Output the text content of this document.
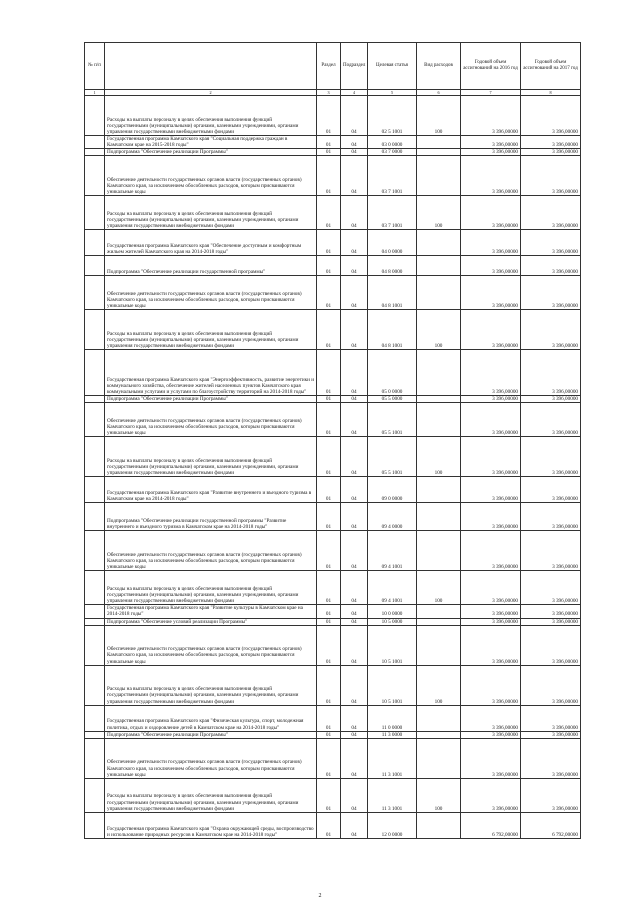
№ п/п		Раздел	Подраздел	Целевая статья	Вид расходов	Годовой объем ассигнований на 2016 год	Годовой объем ассигнований на 2017 год
1	2	3	4	5	6	7	8
	Расходы на выплаты персоналу в целях обеспечения выполнения функций государственными (муниципальными) органами, казенными учреждениями, органами управления государственными внебюджетными фондами	01	04	02 5 1001	100	3 396,00000	3 396,00000
	Государственная программа Камчатского края "Социальная поддержка граждан в Камчатском крае на 2015-2018 годы"	01	04	03 0 0000		3 396,00000	3 396,00000
	Подпрограмма "Обеспечение реализации Программы"	01	04	03 7 0000		3 396,00000	3 396,00000
	Обеспечение деятельности государственных органов власти (государственных органов) Камчатского края, за исключением обособленных расходов, которым присваиваются уникальные коды	01	04	03 7 1001		3 396,00000	3 396,00000
	Расходы на выплаты персоналу в целях обеспечения выполнения функций государственными (муниципальными) органами, казенными учреждениями, органами управления государственными внебюджетными фондами	01	04	03 7 1001	100	3 396,00000	3 396,00000
	Государственная программа Камчатского края "Обеспечение доступным и комфортным жильем жителей Камчатского края на 2014-2018 годы"	01	04	04 0 0000		3 396,00000	3 396,00000
	Подпрограмма "Обеспечение реализации государственной программы"	01	04	04 8 0000		3 396,00000	3 396,00000
	Обеспечение деятельности государственных органов власти (государственных органов) Камчатского края, за исключением обособленных расходов, которым присваиваются уникальные коды	01	04	04 8 1001		3 396,00000	3 396,00000
	Расходы на выплаты персоналу в целях обеспечения выполнения функций государственными (муниципальными) органами, казенными учреждениями, органами управления государственными внебюджетными фондами	01	04	04 8 1001	100	3 396,00000	3 396,00000
	Государственная программа Камчатского края "Энергоэффективность, развитие энергетики и коммунального хозяйства, обеспечение жителей населенных пунктов Камчатского края коммунальными услугами и услугами по благоустройству территорий на 2014-2018 годы"	01	04	05 0 0000		3 396,00000	3 396,00000
	Подпрограмма "Обеспечение реализации Программы"	01	04	05 5 0000		3 396,00000	3 396,00000
	Обеспечение деятельности государственных органов власти (государственных органов) Камчатского края, за исключением обособленных расходов, которым присваиваются уникальные коды	01	04	05 5 1001		3 396,00000	3 396,00000
	Расходы на выплаты персоналу в целях обеспечения выполнения функций государственными (муниципальными) органами, казенными учреждениями, органами управления государственными внебюджетными фондами	01	04	05 5 1001	100	3 396,00000	3 396,00000
	Государственная программа Камчатского края "Развитие внутреннего и въездного туризма в Камчатском крае на 2014-2018 годы"	01	04	09 0 0000		3 396,00000	3 396,00000
	Подпрограмма "Обеспечение реализации государственной программы "Развитие внутреннего и въездного туризма в Камчатском крае на 2014-2018 годы"	01	04	09 4 0000		3 396,00000	3 396,00000
	Обеспечение деятельности государственных органов власти (государственных органов) Камчатского края, за исключением обособленных расходов, которым присваиваются уникальные коды	01	04	09 4 1001		3 396,00000	3 396,00000
	Расходы на выплаты персоналу в целях обеспечения выполнения функций государственными (муниципальными) органами, казенными учреждениями, органами управления государственными внебюджетными фондами	01	04	09 4 1001	100	3 396,00000	3 396,00000
	Государственная программа Камчатского края "Развитие культуры в Камчатском крае на 2014-2018 годы"	01	04	10 0 0000		3 396,00000	3 396,00000
	Подпрограмма "Обеспечение условий реализации Программы"	01	04	10 5 0000		3 396,00000	3 396,00000
	Обеспечение деятельности государственных органов власти (государственных органов) Камчатского края, за исключением обособленных расходов, которым присваиваются уникальные коды	01	04	10 5 1001		3 396,00000	3 396,00000
	Расходы на выплаты персоналу в целях обеспечения выполнения функций государственными (муниципальными) органами, казенными учреждениями, органами управления государственными внебюджетными фондами	01	04	10 5 1001	100	3 396,00000	3 396,00000
	Государственная программа Камчатского края "Физическая культура, спорт, молодежная политика, отдых и оздоровление детей в Камчатском крае на 2014-2018 годы"	01	04	11 0 0000		3 396,00000	3 396,00000
	Подпрограмма "Обеспечение реализации Программы"	01	04	11 3 0000		3 396,00000	3 396,00000
	Обеспечение деятельности государственных органов власти (государственных органов) Камчатского края, за исключением обособленных расходов, которым присваиваются уникальные коды	01	04	11 3 1001		3 396,00000	3 396,00000
	Расходы на выплаты персоналу в целях обеспечения выполнения функций государственными (муниципальными) органами, казенными учреждениями, органами управления государственными внебюджетными фондами	01	04	11 3 1001	100	3 396,00000	3 396,00000
	Государственная программа Камчатского края "Охрана окружающей среды, воспроизводство и использование природных ресурсов в Камчатском крае на 2014-2018 годы"	01	04	12 0 0000		6 792,00000	6 792,00000
2
